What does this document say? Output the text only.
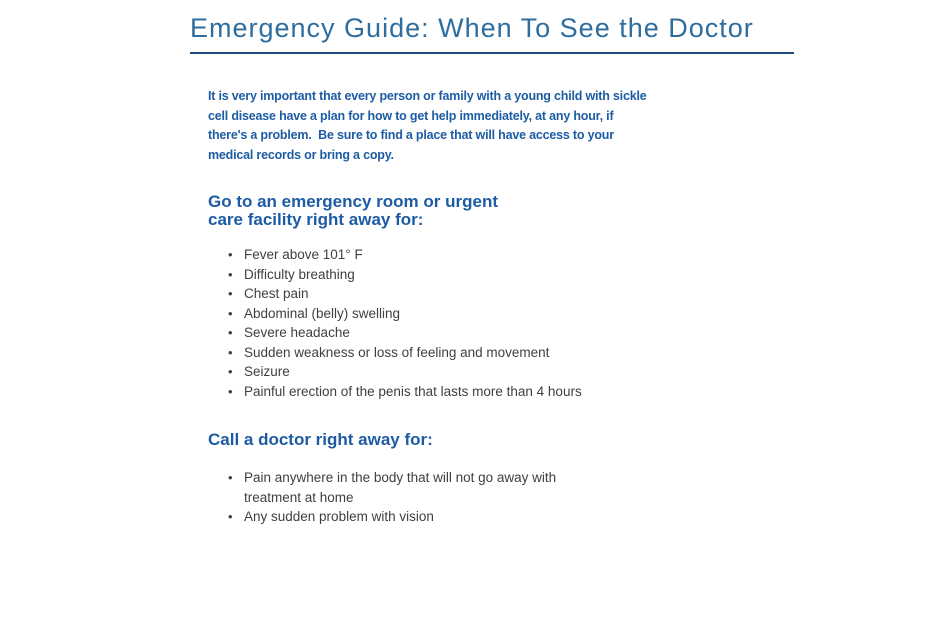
Emergency Guide: When To See the Doctor

It is very important that every person or family with a young child with sickle cell disease have a plan for how to get help immediately, at any hour, if there's a problem.  Be sure to find a place that will have access to your medical records or bring a copy.

Go to an emergency room or urgent care facility right away for:
• Fever above 101° F
• Difficulty breathing
• Chest pain
• Abdominal (belly) swelling
• Severe headache
• Sudden weakness or loss of feeling and movement
• Seizure
• Painful erection of the penis that lasts more than 4 hours
Call a doctor right away for:
• Pain anywhere in the body that will not go away with treatment at home
• Any sudden problem with vision
